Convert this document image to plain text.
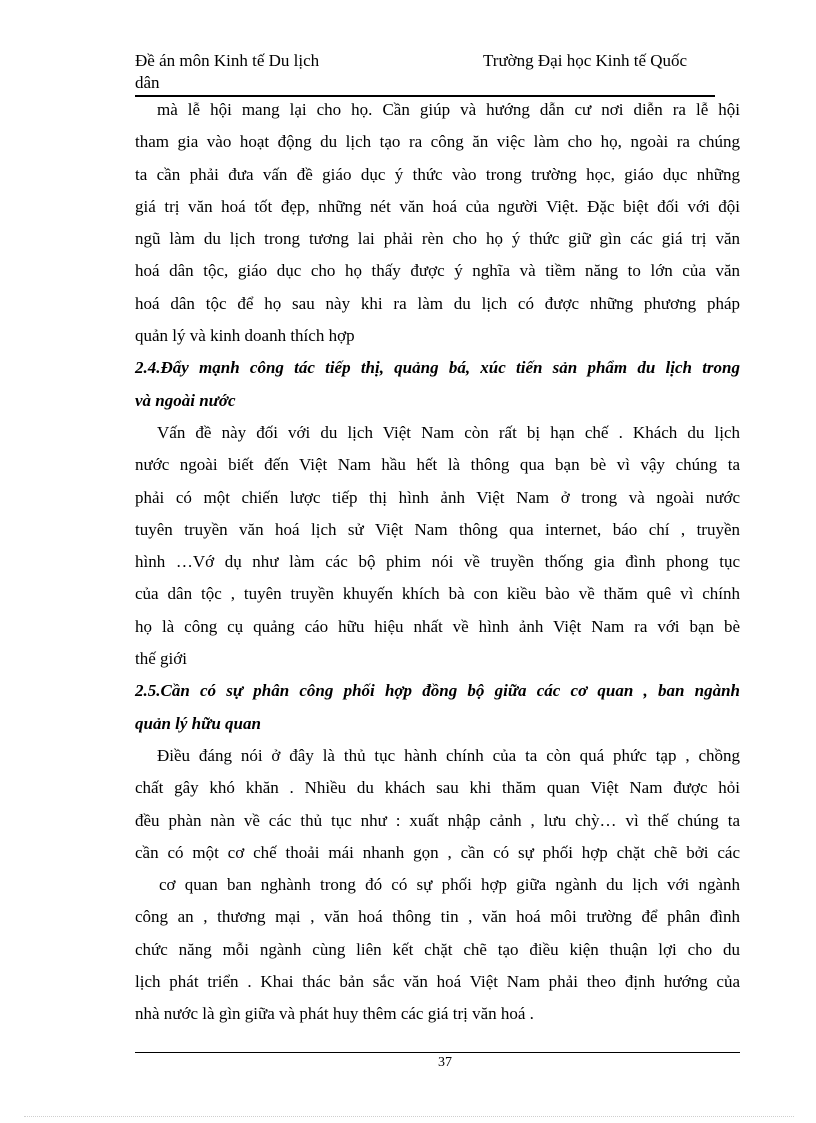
Đề án môn Kinh tế Du lịch	Trường Đại học Kinh tế Quốc
dân
mà lễ hội mang lại cho họ. Cần giúp và hướng dẫn cư nơi diễn ra lễ hội
tham gia vào hoạt động du lịch tạo ra công ăn việc làm cho họ, ngoài ra chúng
ta cần phải đưa vấn đề giáo dục ý thức vào trong trường học, giáo dục những
giá trị văn hoá tốt đẹp, những nét văn hoá của người Việt. Đặc biệt đối với đội
ngũ làm du lịch trong tương lai phải rèn cho họ ý thức giữ gìn các giá trị văn
hoá dân tộc, giáo dục cho họ thấy được ý nghĩa và tiềm năng to lớn của văn
hoá dân tộc để họ sau này khi ra làm du lịch có được những phương pháp
quản lý và kinh doanh thích hợp
2.4.Đẩy mạnh công tác tiếp thị, quảng bá, xúc tiến sản phẩm du lịch trong
và ngoài nước
Vấn đề này đối với du lịch Việt Nam còn rất bị hạn chế . Khách du lịch
nước ngoài biết đến Việt Nam hầu hết là thông qua bạn bè vì vậy chúng ta
phải có một chiến lược tiếp thị hình ảnh Việt Nam ở trong và ngoài nước
tuyên truyền văn hoá lịch sử Việt Nam thông qua internet, báo chí , truyền
hình …Vớ dụ như làm các bộ phim nói về truyền thống gia đình phong tục
của dân tộc , tuyên truyền khuyến khích bà con kiều bào về thăm quê vì chính
họ là công cụ quảng cáo hữu hiệu nhất về hình ảnh Việt Nam ra với bạn bè
thế giới
2.5.Cần có sự phân công phối hợp đồng bộ giữa các cơ quan , ban ngành
quản lý hữu quan
Điều đáng nói ở đây là thủ tục hành chính của ta còn quá phức tạp , chồng
chất gây khó khăn . Nhiều du khách sau khi thăm quan Việt Nam được hỏi
đều phàn nàn về các thủ tục như : xuất nhập cảnh , lưu chỳ… vì thế chúng ta
cần có một cơ chế thoải mái nhanh gọn , cần có sự phối hợp chặt chẽ bởi các
cơ quan ban nghành trong đó có sự phối hợp giữa ngành du lịch với ngành
công an , thương mại , văn hoá thông tin , văn hoá môi trường để phân đình
chức năng mỗi ngành cùng liên kết chặt chẽ tạo điều kiện thuận lợi cho du
lịch phát triển . Khai thác bản sắc văn hoá Việt Nam phải theo định hướng của
nhà nước là gìn giữa và phát huy thêm các giá trị văn hoá .
37
